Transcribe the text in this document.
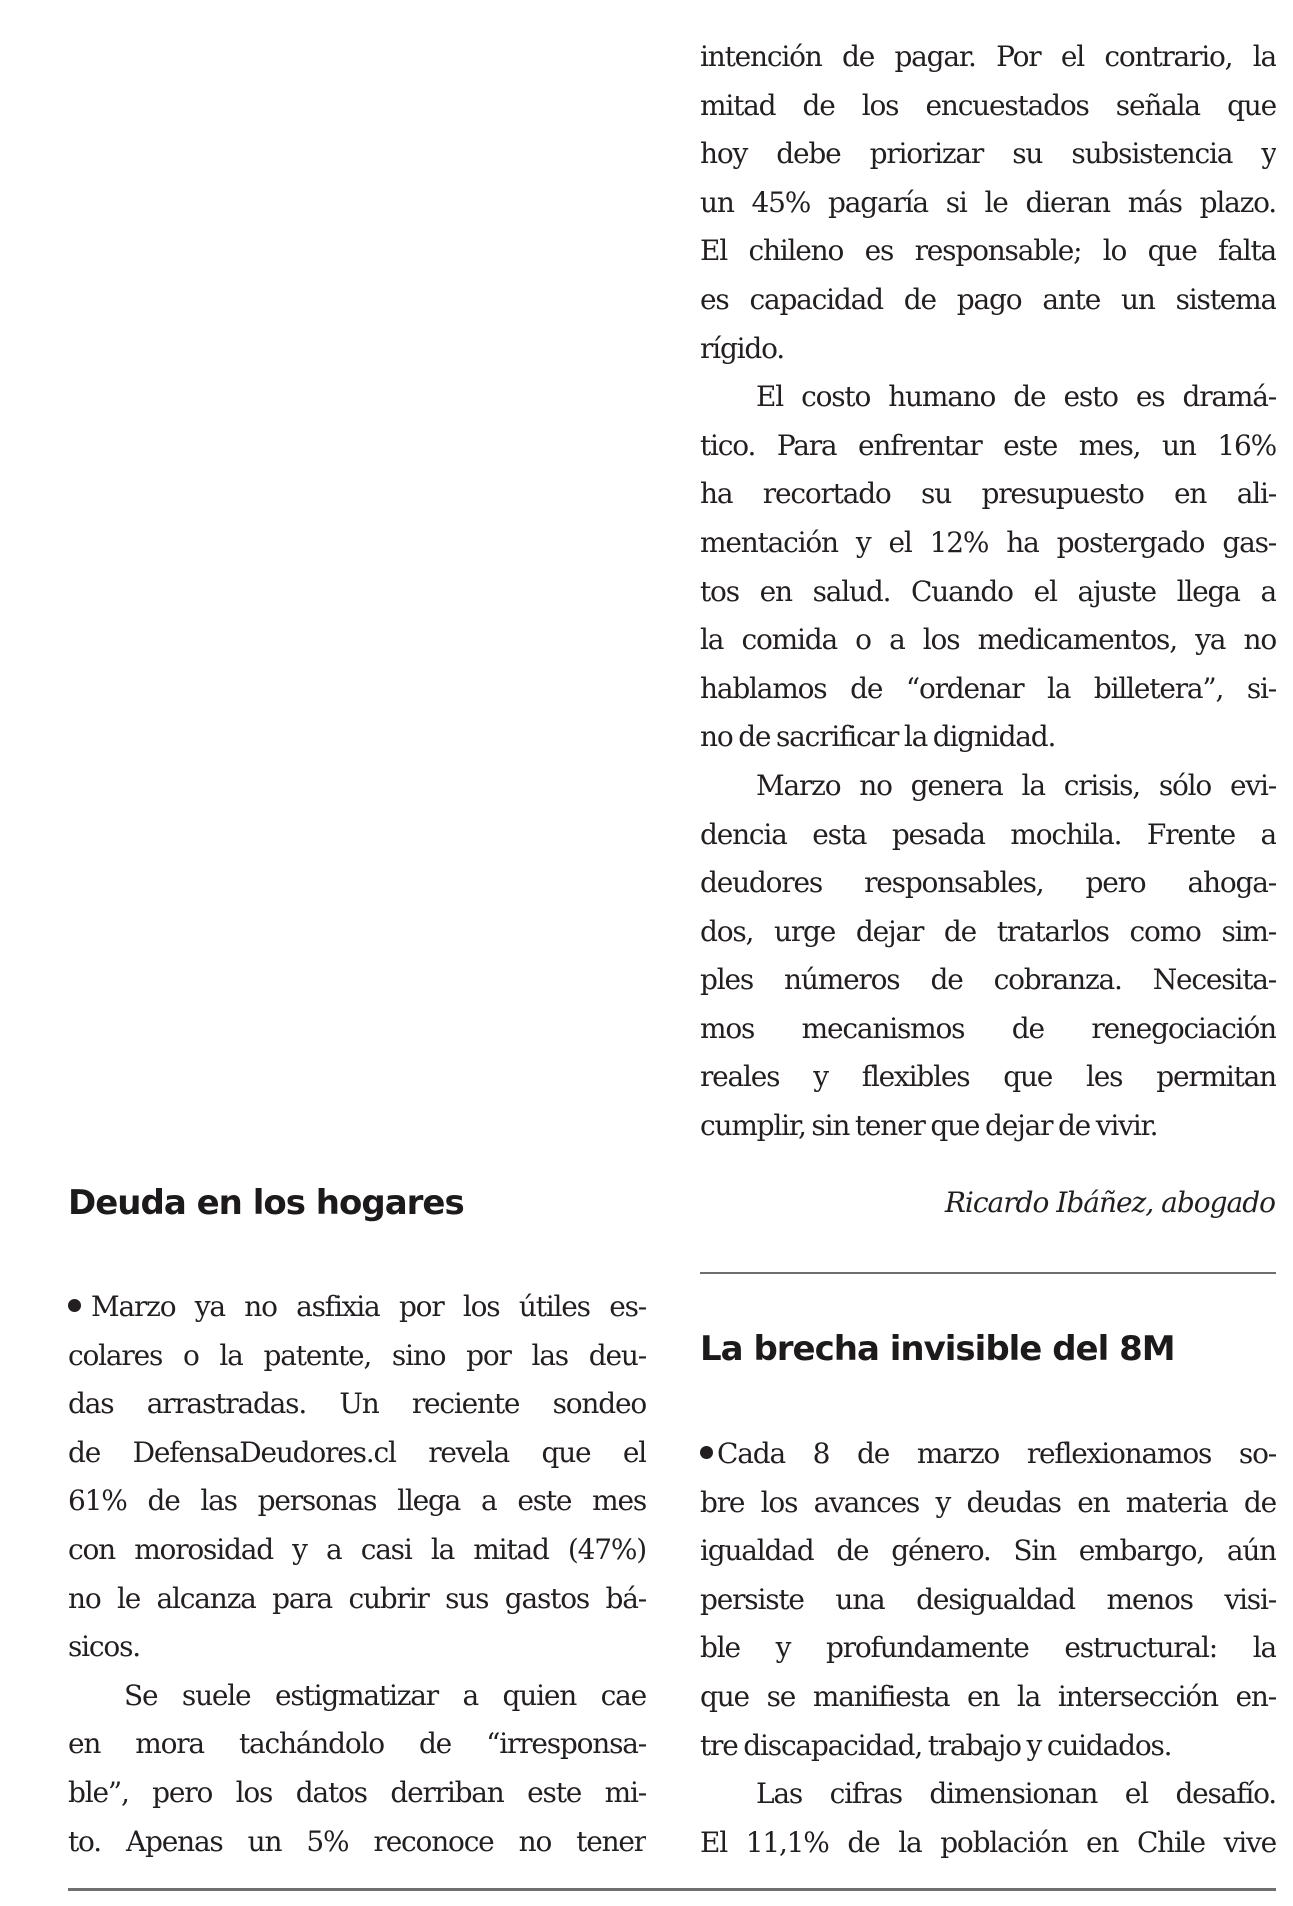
intención de pagar. Por el contrario, la
mitad de los encuestados señala que
hoy debe priorizar su subsistencia y
un 45% pagaría si le dieran más plazo.
El chileno es responsable; lo que falta
es capacidad de pago ante un sistema
rígido.
El costo humano de esto es dramá-
tico. Para enfrentar este mes, un 16%
ha recortado su presupuesto en ali-
mentación y el 12% ha postergado gas-
tos en salud. Cuando el ajuste llega a
la comida o a los medicamentos, ya no
hablamos de “ordenar la billetera”, si-
no de sacrificar la dignidad.
Marzo no genera la crisis, sólo evi-
dencia esta pesada mochila. Frente a
deudores responsables, pero ahoga-
dos, urge dejar de tratarlos como sim-
ples números de cobranza. Necesita-
mos mecanismos de renegociación
reales y flexibles que les permitan
cumplir, sin tener que dejar de vivir.
Ricardo Ibáñez, abogado
Deuda en los hogares
Marzo ya no asfixia por los útiles es-
colares o la patente, sino por las deu-
das arrastradas. Un reciente sondeo
de DefensaDeudores.cl revela que el
61% de las personas llega a este mes
con morosidad y a casi la mitad (47%)
no le alcanza para cubrir sus gastos bá-
sicos.
Se suele estigmatizar a quien cae
en mora tachándolo de “irresponsa-
ble”, pero los datos derriban este mi-
to. Apenas un 5% reconoce no tener
La brecha invisible del 8M
Cada 8 de marzo reflexionamos so-
bre los avances y deudas en materia de
igualdad de género. Sin embargo, aún
persiste una desigualdad menos visi-
ble y profundamente estructural: la
que se manifiesta en la intersección en-
tre discapacidad, trabajo y cuidados.
Las cifras dimensionan el desafío.
El 11,1% de la población en Chile vive
